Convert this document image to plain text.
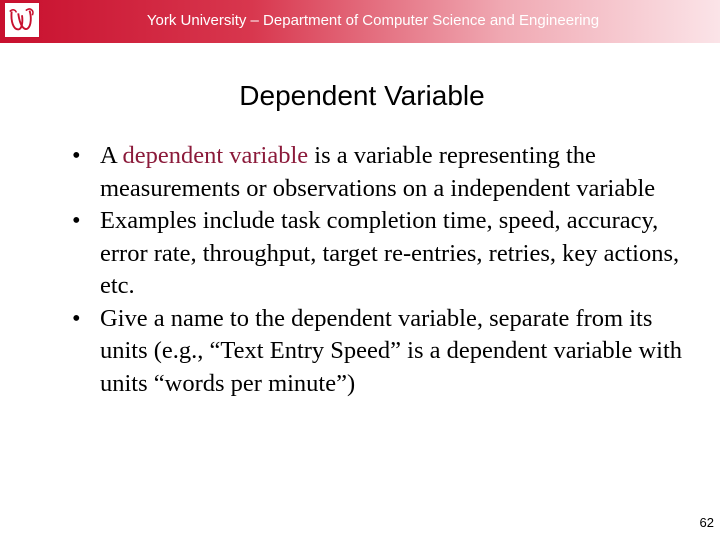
York University – Department of Computer Science and Engineering
Dependent Variable
• A dependent variable is a variable representing the measurements or observations on a independent variable
• Examples include task completion time, speed, accuracy, error rate, throughput, target re-entries, retries, key actions, etc.
• Give a name to the dependent variable, separate from its units (e.g., “Text Entry Speed” is a dependent variable with units “words per minute”)
62
